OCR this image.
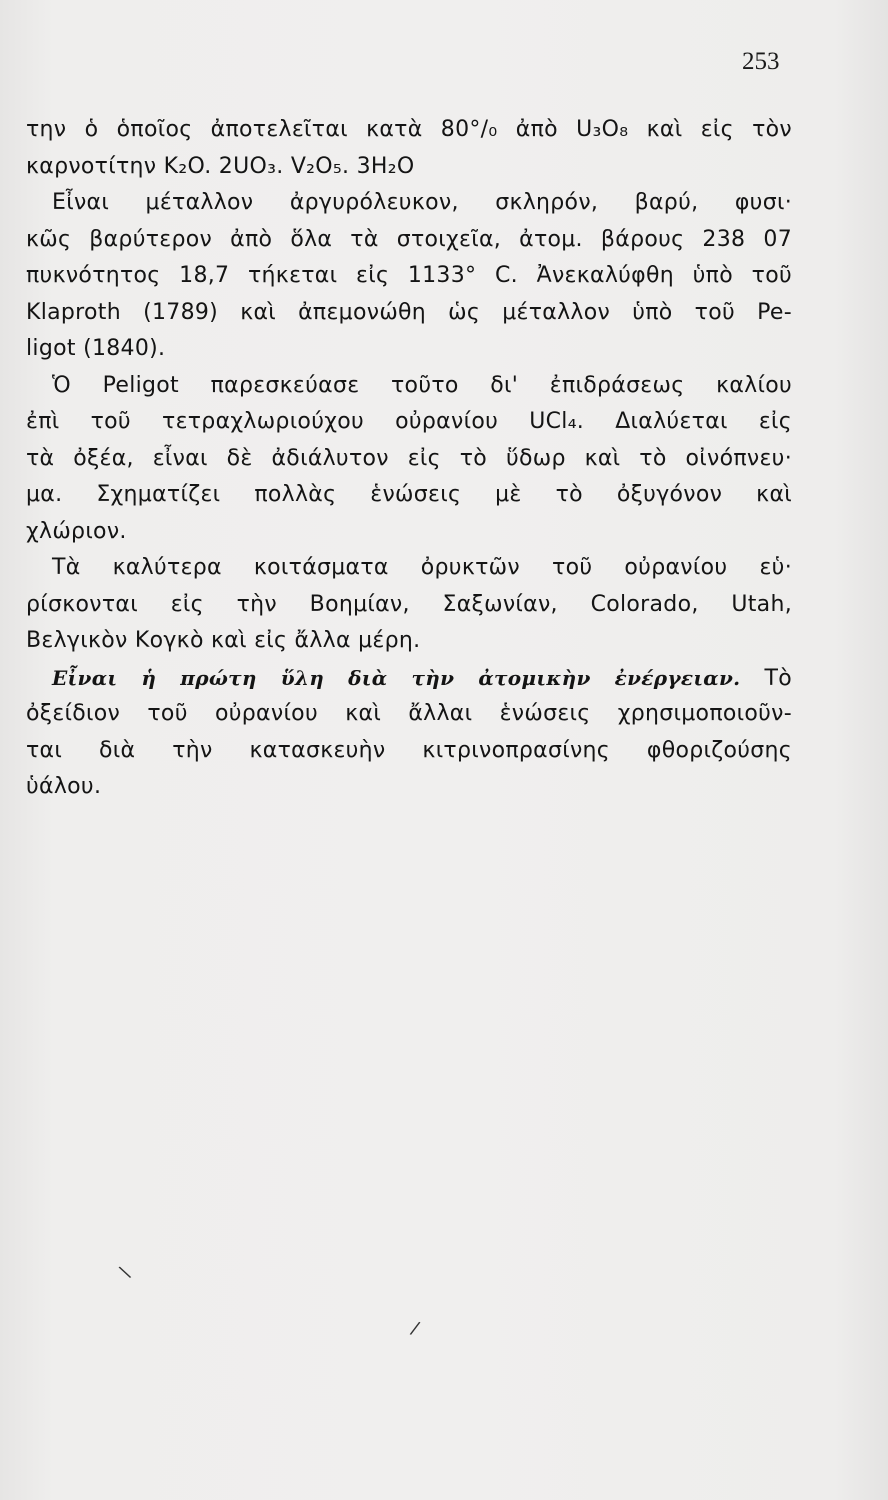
253
την ὁ ὁποῖος ἀποτελεῖται κατὰ 80°/₀ ἀπὸ U₃O₈ καὶ εἰς τὸν
καρνοτίτην K₂O. 2UO₃. V₂O₅. 3H₂O
Εἶναι μέταλλον ἀργυρόλευκον, σκληρόν, βαρύ, φυσι·
κῶς βαρύτερον ἀπὸ ὅλα τὰ στοιχεῖα, ἀτομ. βάρους 238 07
πυκνότητος 18,7 τήκεται εἰς 1133° C. Ἀνεκαλύφθη ὑπὸ τοῦ
Klaproth (1789) καὶ ἀπεμονώθη ὡς μέταλλον ὑπὸ τοῦ Pe-
ligot (1840).
Ὁ Peligot παρεσκεύασε τοῦτο δι' ἐπιδράσεως καλίου
ἐπὶ τοῦ τετραχλωριούχου οὐρανίου UCl₄. Διαλύεται εἰς
τὰ ὀξέα, εἶναι δὲ ἀδιάλυτον εἰς τὸ ὕδωρ καὶ τὸ οἰνόπνευ·
μα. Σχηματίζει πολλὰς ἑνώσεις μὲ τὸ ὀξυγόνον καὶ
χλώριον.
Τὰ καλύτερα κοιτάσματα ὀρυκτῶν τοῦ οὐρανίου εὑ·
ρίσκονται εἰς τὴν Βοημίαν, Σαξωνίαν, Colorado, Utah,
Βελγικὸν Κογκὸ καὶ εἰς ἄλλα μέρη.
Εἶναι ἡ πρώτη ὕλη διὰ τὴν ἀτομικὴν ἐνέργειαν. Τὸ
ὀξείδιον τοῦ οὐρανίου καὶ ἄλλαι ἑνώσεις χρησιμοποιοῦν-
ται διὰ τὴν κατασκευὴν κιτρινοπρασίνης φθοριζούσης
ὑάλου.
\
/
